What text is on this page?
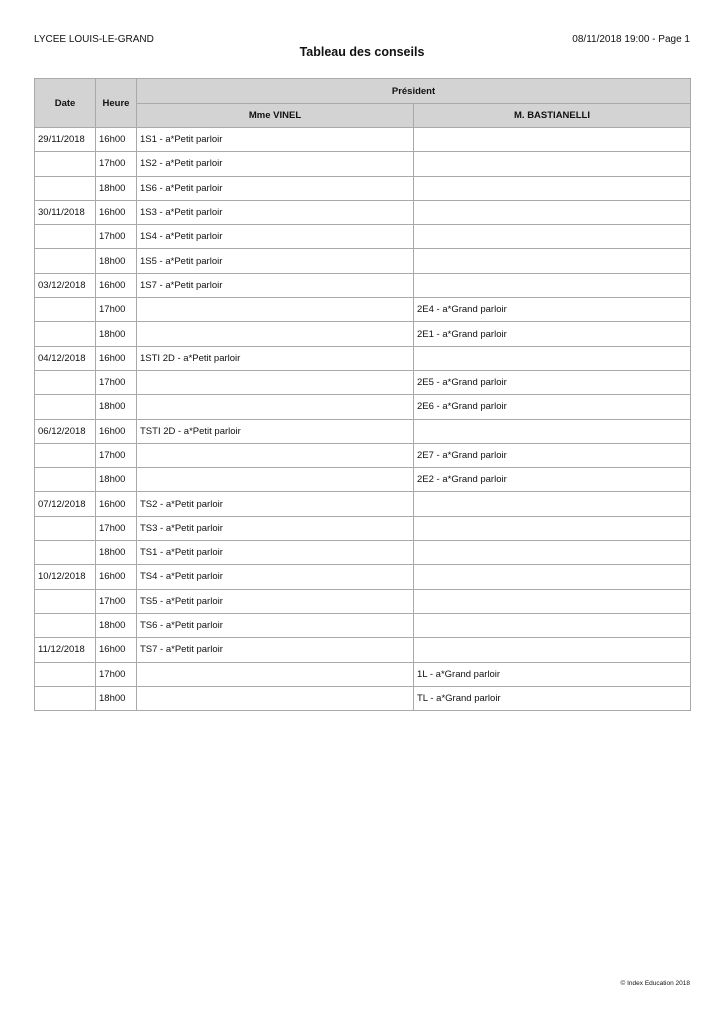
LYCEE LOUIS-LE-GRAND	08/11/2018 19:00 - Page 1
Tableau des conseils
Date	Heure	Président	
		Mme VINEL	M. BASTIANELLI
29/11/2018	16h00	1S1 - a*Petit parloir	
	17h00	1S2 - a*Petit parloir	
	18h00	1S6 - a*Petit parloir	
30/11/2018	16h00	1S3 - a*Petit parloir	
	17h00	1S4 - a*Petit parloir	
	18h00	1S5 - a*Petit parloir	
03/12/2018	16h00	1S7 - a*Petit parloir	
	17h00		2E4 - a*Grand parloir
	18h00		2E1 - a*Grand parloir
04/12/2018	16h00	1STI 2D - a*Petit parloir	
	17h00		2E5 - a*Grand parloir
	18h00		2E6 - a*Grand parloir
06/12/2018	16h00	TSTI 2D - a*Petit parloir	
	17h00		2E7 - a*Grand parloir
	18h00		2E2 - a*Grand parloir
07/12/2018	16h00	TS2 - a*Petit parloir	
	17h00	TS3 - a*Petit parloir	
	18h00	TS1 - a*Petit parloir	
10/12/2018	16h00	TS4 - a*Petit parloir	
	17h00	TS5 - a*Petit parloir	
	18h00	TS6 - a*Petit parloir	
11/12/2018	16h00	TS7 - a*Petit parloir	
	17h00		1L - a*Grand parloir
	18h00		TL - a*Grand parloir
© Index Education 2018
